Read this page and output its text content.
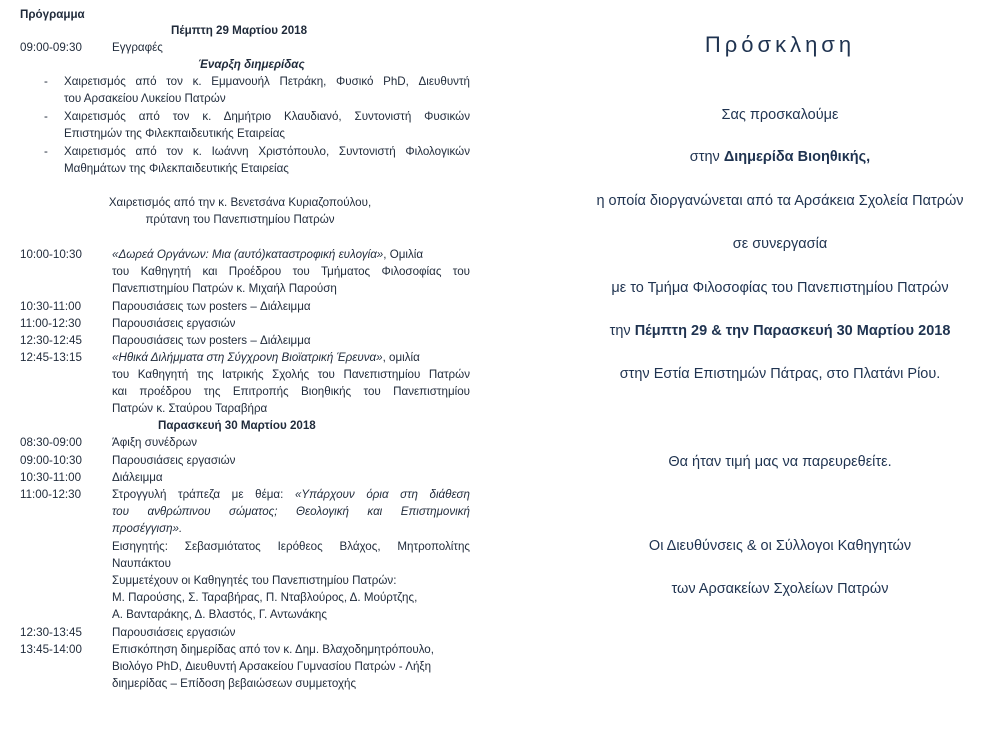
Πρόγραμμα
Πέμπτη 29 Μαρτίου 2018
09:00-09:30	Εγγραφές
Έναρξη διημερίδας
- Χαιρετισμός από τον κ. Εμμανουήλ Πετράκη, Φυσικό PhD, Διευθυντή
του Αρσακείου Λυκείου Πατρών
- Χαιρετισμός από τον κ. Δημήτριο Κλαυδιανό, Συντονιστή Φυσικών
Επιστημών της Φιλεκπαιδευτικής Εταιρείας
- Χαιρετισμός από τον κ. Ιωάννη Χριστόπουλο, Συντονιστή Φιλολογικών
Μαθημάτων της Φιλεκπαιδευτικής Εταιρείας
Χαιρετισμός από την κ. Βενετσάνα Κυριαζοπούλου,
πρύτανη του Πανεπιστημίου Πατρών
10:00-10:30	«Δωρεά Οργάνων: Μια (αυτό)καταστροφική ευλογία», Ομιλία
του Καθηγητή και Προέδρου του Τμήματος Φιλοσοφίας του
Πανεπιστημίου Πατρών κ. Μιχαήλ Παρούση
10:30-11:00	Παρουσιάσεις των posters – Διάλειμμα
11:00-12:30	Παρουσιάσεις εργασιών
12:30-12:45	Παρουσιάσεις των posters – Διάλειμμα
12:45-13:15	«Ηθικά Διλήμματα στη Σύγχρονη Βιοϊατρική Έρευνα», ομιλία
του Καθηγητή της Ιατρικής Σχολής του Πανεπιστημίου Πατρών
και προέδρου της Επιτροπής Βιοηθικής του Πανεπιστημίου
Πατρών κ. Σταύρου Ταραβήρα
Παρασκευή 30 Μαρτίου 2018
08:30-09:00	Άφιξη συνέδρων
09:00-10:30	Παρουσιάσεις εργασιών
10:30-11:00	Διάλειμμα
11:00-12:30	Στρογγυλή τράπεζα με θέμα: «Υπάρχουν όρια στη διάθεση
του ανθρώπινου σώματος; Θεολογική και Επιστημονική
προσέγγιση».
Εισηγητής: Σεβασμιότατος Ιερόθεος Βλάχος, Μητροπολίτης
Ναυπάκτου
Συμμετέχουν οι Καθηγητές του Πανεπιστημίου Πατρών:
Μ. Παρούσης, Σ. Ταραβήρας, Π. Νταβλούρος, Δ. Μούρτζης,
Α. Βανταράκης, Δ. Βλαστός, Γ. Αντωνάκης
12:30-13:45	Παρουσιάσεις εργασιών
13:45-14:00	Επισκόπηση διημερίδας από τον κ. Δημ. Βλαχοδημητρόπουλο,
Βιολόγο PhD, Διευθυντή Αρσακείου Γυμνασίου Πατρών - Λήξη
διημερίδας – Επίδοση βεβαιώσεων συμμετοχής
Πρόσκληση
Σας προσκαλούμε
στην Διημερίδα Βιοηθικής,
η οποία διοργανώνεται από τα Αρσάκεια Σχολεία Πατρών
σε συνεργασία
με το Τμήμα Φιλοσοφίας του Πανεπιστημίου Πατρών
την Πέμπτη 29 & την Παρασκευή 30 Μαρτίου 2018
στην Εστία Επιστημών Πάτρας, στο Πλατάνι Ρίου.
Θα ήταν τιμή μας να παρευρεθείτε.
Οι Διευθύνσεις & οι Σύλλογοι Καθηγητών
των Αρσακείων Σχολείων Πατρών
